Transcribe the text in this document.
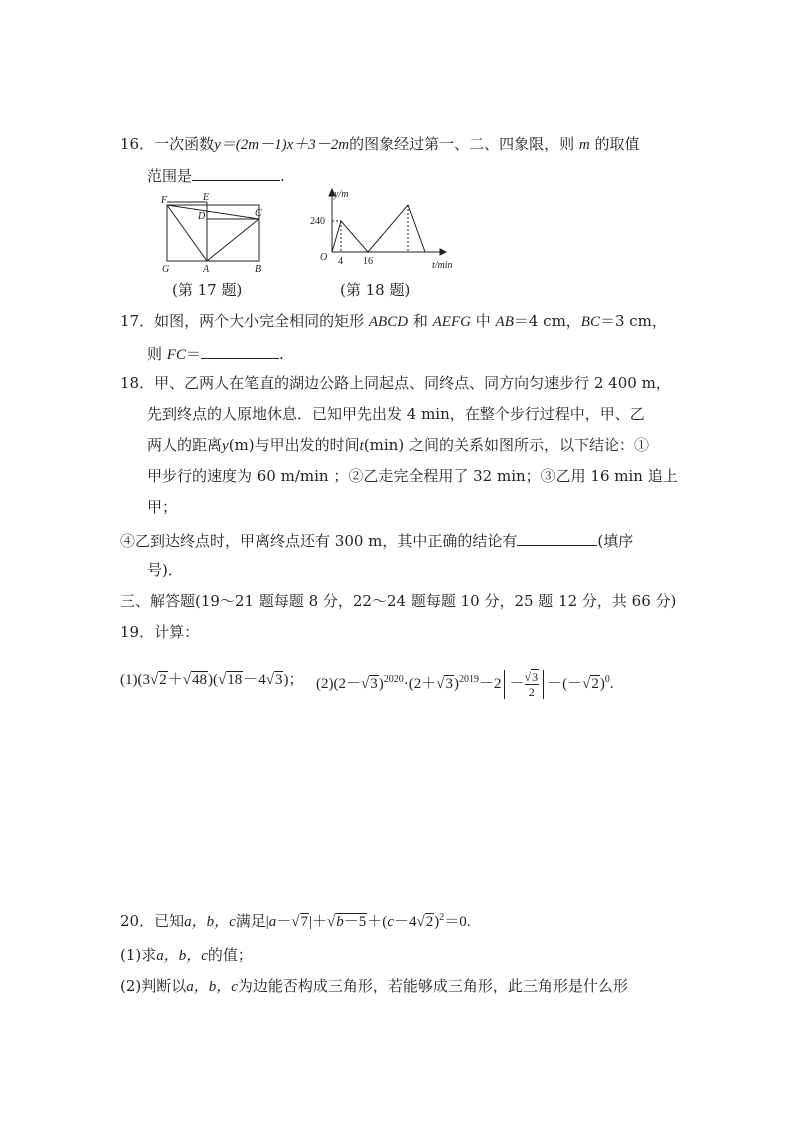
16．一次函数y＝(2m－1)x＋3－2m的图象经过第一、二、四象限，则 m 的取值
范围是	.
F	E
D	C
G	A	B
(第 17 题)
y/m
240
O 4 16	t/min
(第 18 题)
17．如图，两个大小完全相同的矩形 ABCD 和 AEFG 中 AB＝4 cm，BC＝3 cm，
则 FC＝	.
18．甲、乙两人在笔直的湖边公路上同起点、同终点、同方向匀速步行 2 400 m，
先到终点的人原地休息．已知甲先出发 4 min，在整个步行过程中，甲、乙
两人的距离y(m)与甲出发的时间t(min) 之间的关系如图所示，以下结论：①
甲步行的速度为 60 m/min ；②乙走完全程用了 32 min；③乙用 16 min 追上
甲；
④乙到达终点时，甲离终点还有 300 m，其中正确的结论有	(填序
号)．
三、解答题(19～21 题每题 8 分，22～24 题每题 10 分，25 题 12 分，共 66 分)
19．计算：
(1)(3√2＋√48)(√18－4√3)； $(2)(2-√3)^{2020}\cdot(2+√3)^{2019}-2 - \frac{√3}{2} -(-√2)^0$.
20．已知a，b，c满足$|a-√7|+√b-5+(c-4√2)^2=0$.
(1)求a，b，c的值；
(2)判断以a，b，c为边能否构成三角形，若能够成三角形，此三角形是什么形
